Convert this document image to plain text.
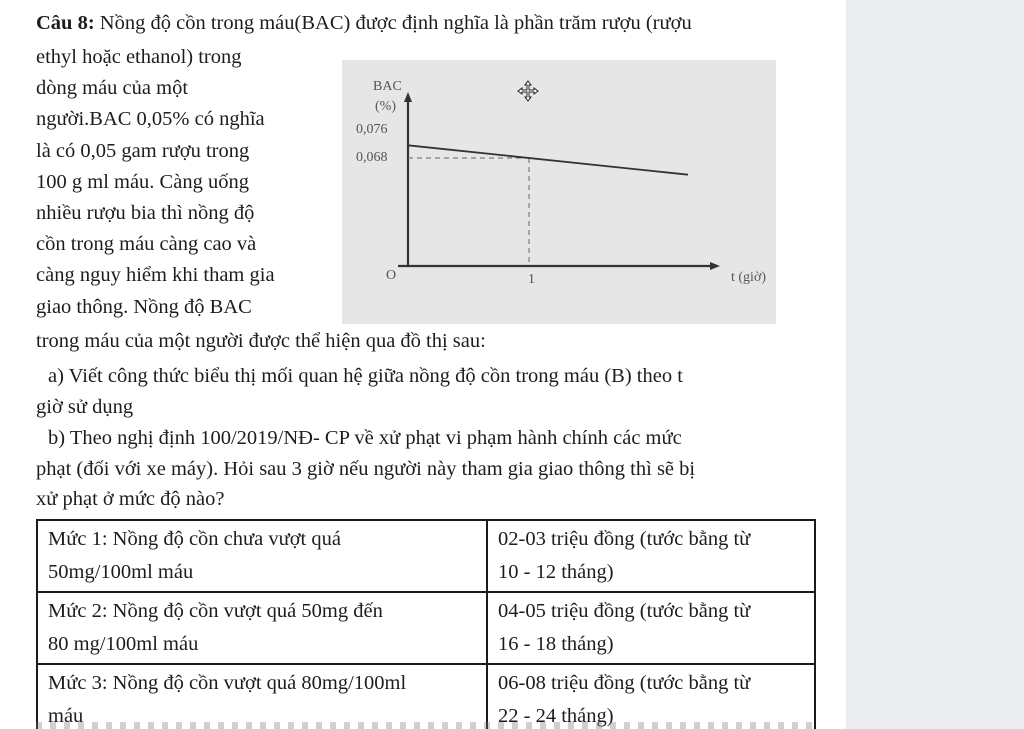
Câu 8: Nồng độ cồn trong máu(BAC) được định nghĩa là phần trăm rượu (rượu
ethyl hoặc ethanol) trong
dòng máu của một
người.BAC 0,05% có nghĩa
là có 0,05 gam rượu trong
100 g ml máu. Càng uống
nhiều rượu bia thì nồng độ
cồn trong máu càng cao và
càng nguy hiểm khi tham gia
giao thông. Nồng độ BAC
BAC
(%)
0,076
0,068
O	1	t (giờ)
trong máu của một người được thể hiện qua đồ thị sau:
a) Viết công thức biểu thị mối quan hệ giữa nồng độ cồn trong máu (B) theo t
giờ sử dụng
b) Theo nghị định 100/2019/NĐ- CP về xử phạt vi phạm hành chính các mức
phạt (đối với xe máy). Hỏi sau 3 giờ nếu người này tham gia giao thông thì sẽ bị
xử phạt ở mức độ nào?
Mức 1: Nồng độ cồn chưa vượt quá
50mg/100ml máu	02-03 triệu đồng (tước bằng từ
10 - 12 tháng)

Mức 2: Nồng độ cồn vượt quá 50mg đến
80 mg/100ml máu	04-05 triệu đồng (tước bằng từ
16 - 18 tháng)

Mức 3: Nồng độ cồn vượt quá 80mg/100ml
máu	06-08 triệu đồng (tước bằng từ
22 - 24 tháng)
